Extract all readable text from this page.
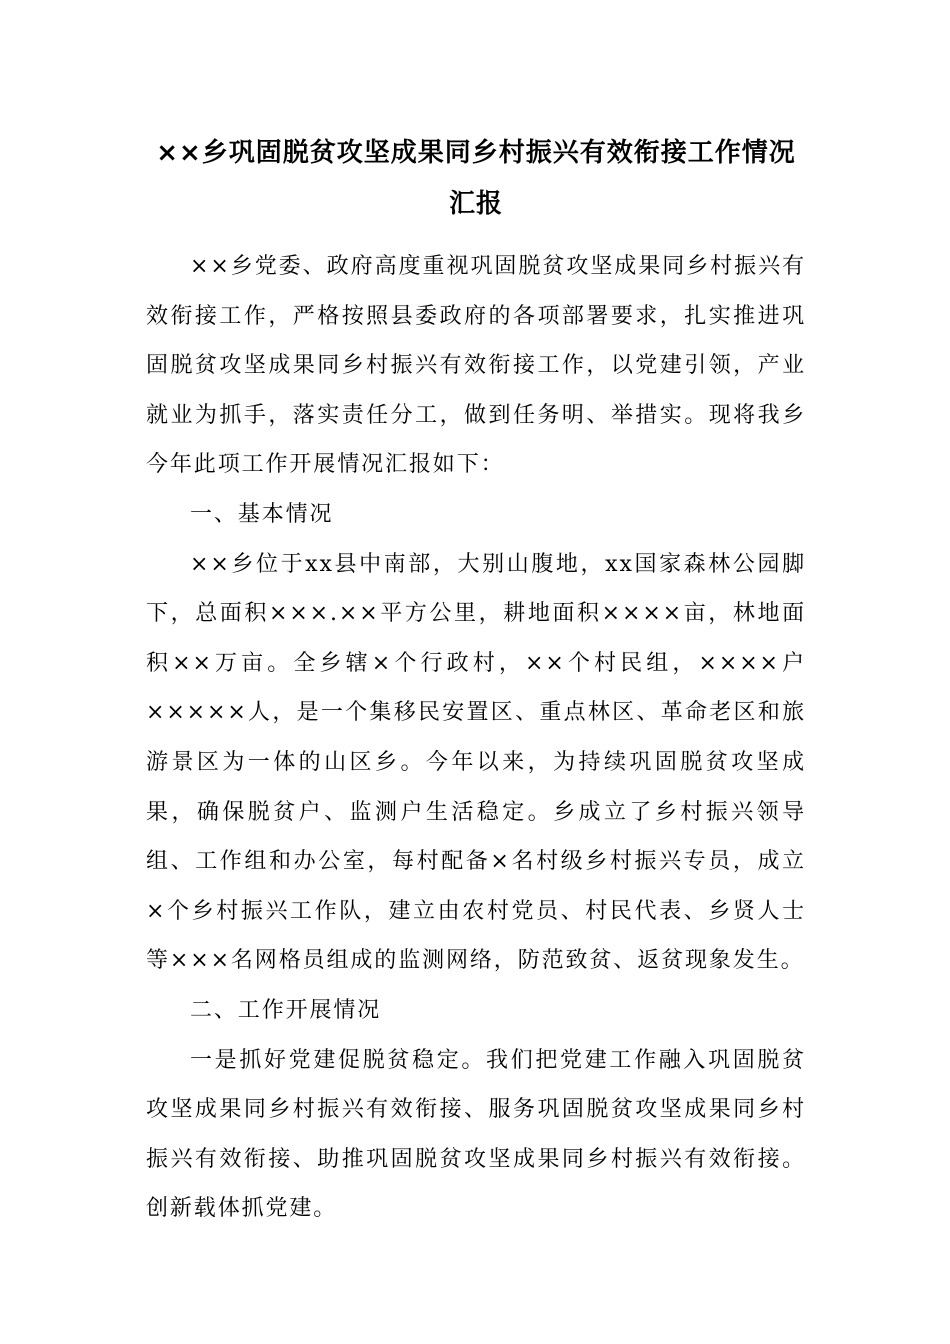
××乡巩固脱贫攻坚成果同乡村振兴有效衔接工作情况汇报

××乡党委、政府高度重视巩固脱贫攻坚成果同乡村振兴有效衔接工作，严格按照县委政府的各项部署要求，扎实推进巩固脱贫攻坚成果同乡村振兴有效衔接工作，以党建引领，产业就业为抓手，落实责任分工，做到任务明、举措实。现将我乡今年此项工作开展情况汇报如下：

一、基本情况

××乡位于xx县中南部，大别山腹地，xx国家森林公园脚下，总面积×××.××平方公里，耕地面积××××亩，林地面积××万亩。全乡辖×个行政村，××个村民组，××××户×××××人，是一个集移民安置区、重点林区、革命老区和旅游景区为一体的山区乡。今年以来，为持续巩固脱贫攻坚成果，确保脱贫户、监测户生活稳定。乡成立了乡村振兴领导组、工作组和办公室，每村配备×名村级乡村振兴专员，成立×个乡村振兴工作队，建立由农村党员、村民代表、乡贤人士等×××名网格员组成的监测网络，防范致贫、返贫现象发生。

二、工作开展情况

一是抓好党建促脱贫稳定。我们把党建工作融入巩固脱贫攻坚成果同乡村振兴有效衔接、服务巩固脱贫攻坚成果同乡村振兴有效衔接、助推巩固脱贫攻坚成果同乡村振兴有效衔接。创新载体抓党建。
